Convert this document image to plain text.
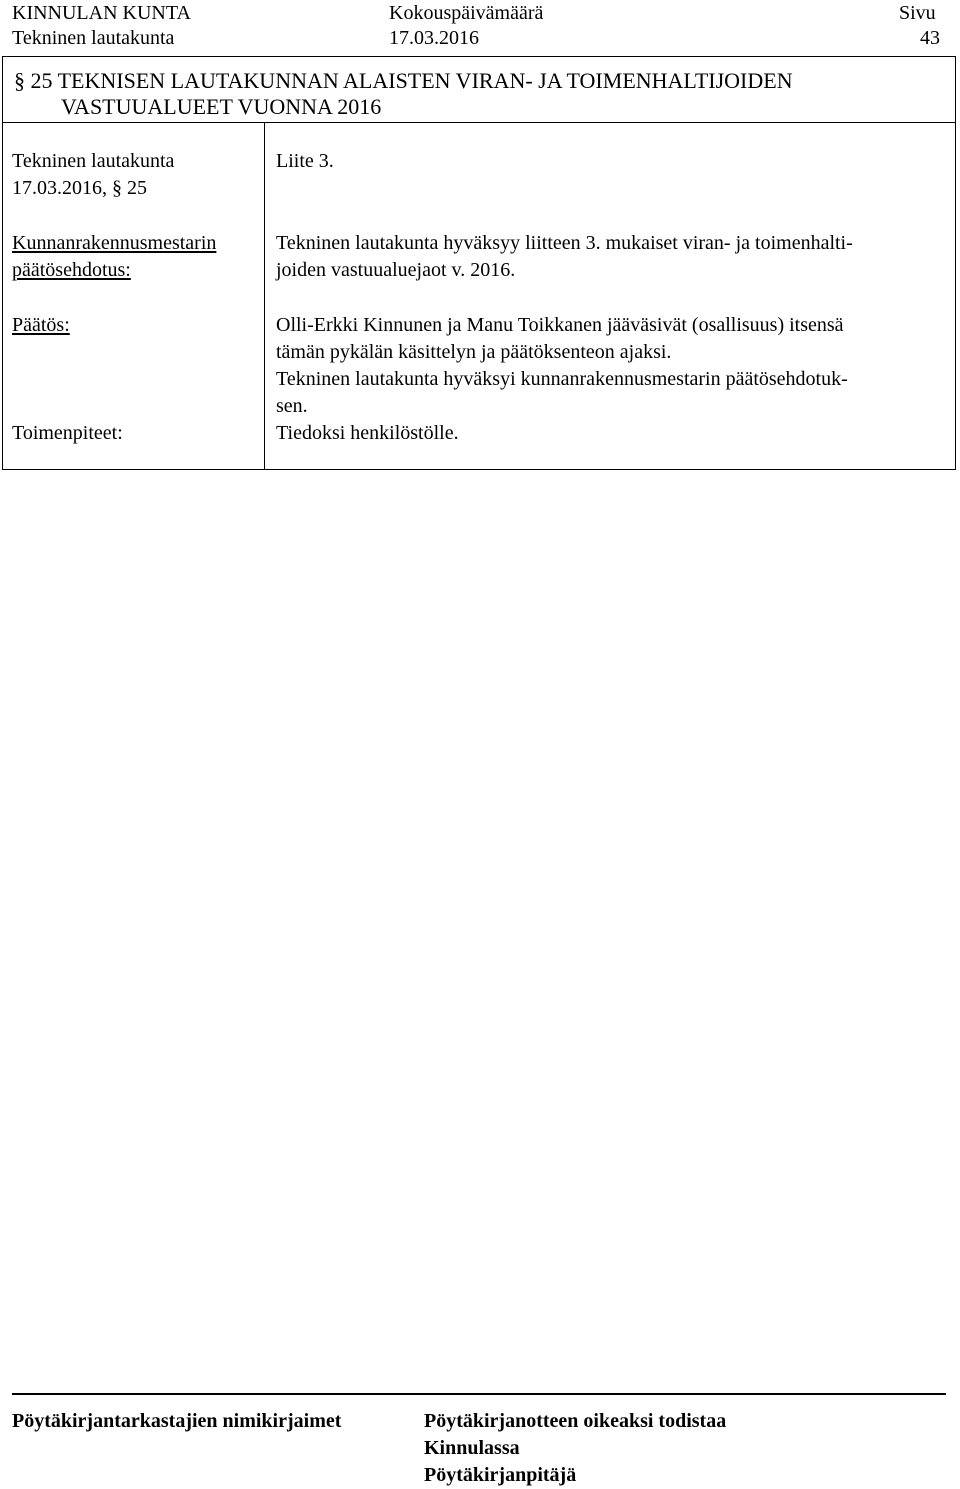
KINNULAN KUNTA
Tekninen lautakunta
Kokouspäivämäärä
17.03.2016
Sivu
43
§ 25 TEKNISEN LAUTAKUNNAN ALAISTEN VIRAN- JA TOIMENHALTIJOIDEN
VASTUUALUEET VUONNA 2016
Tekninen lautakunta
17.03.2016, § 25
Kunnanrakennusmestarin
päätösehdotus:
Päätös:
Toimenpiteet:
Liite 3.
Tekninen lautakunta hyväksyy liitteen 3. mukaiset viran- ja toimenhalti-
joiden vastuualuejaot v. 2016.
Olli-Erkki Kinnunen ja Manu Toikkanen jääväsivät (osallisuus) itsensä
tämän pykälän käsittelyn ja päätöksenteon ajaksi.
Tekninen lautakunta hyväksyi kunnanrakennusmestarin päätösehdotuk-
sen.
Tiedoksi henkilöstölle.
Pöytäkirjantarkastajien nimikirjaimet	Pöytäkirjanotteen oikeaksi todistaa
Kinnulassa
Pöytäkirjanpitäjä
